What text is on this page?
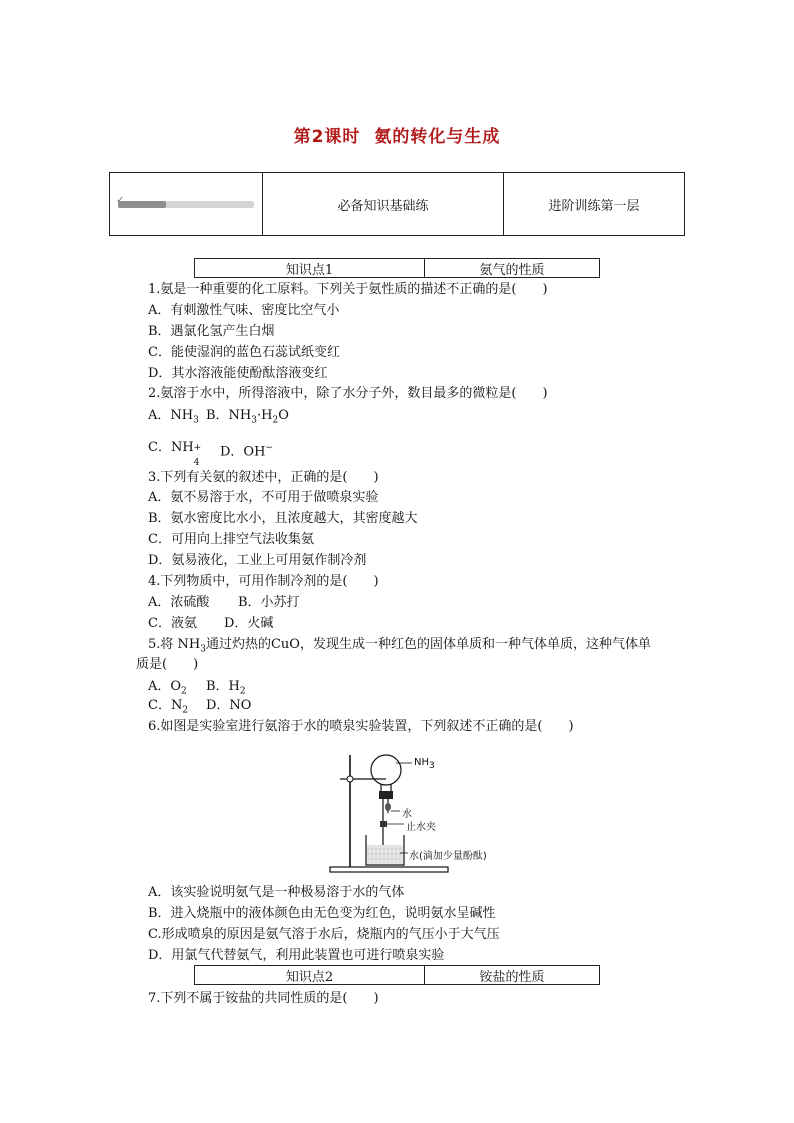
第2课时 氨的转化与生成
✓	必备知识基础练	进阶训练第一层
知识点1	氨气的性质
1.氨是一种重要的化工原料。下列关于氨性质的描述不正确的是(　　)
A．有刺激性气味、密度比空气小
B．遇氯化氢产生白烟
C．能使湿润的蓝色石蕊试纸变红
D．其水溶液能使酚酞溶液变红
2.氨溶于水中，所得溶液中，除了水分子外，数目最多的微粒是(　　)
A．$NH_3$ B．$NH_3\cdot H_2O$
C．NH +
4
D．OH−
3.下列有关氨的叙述中，正确的是(　　)
A．氨不易溶于水，不可用于做喷泉实验
B．氨水密度比水小，且浓度越大，其密度越大
C．可用向上排空气法收集氨
D．氨易液化，工业上可用氨作制冷剂
4.下列物质中，可用作制冷剂的是(　　)
A．浓硫酸 B．小苏打
C．液氨 D．火碱
5.将 $NH_3$通过灼热的CuO，发现生成一种红色的固体单质和一种气体单质，这种气体单
质是(　　)
A．$O_2$ B．$H_2$
C．$N_2$ D．NO
6.如图是实验室进行氨溶于水的喷泉实验装置，下列叙述不正确的是(　　)
$NH_3$
水
止水夹
水(滴加少量酚酞)
A．该实验说明氨气是一种极易溶于水的气体
B．进入烧瓶中的液体颜色由无色变为红色，说明氨水呈碱性
C.形成喷泉的原因是氨气溶于水后，烧瓶内的气压小于大气压
D．用氯气代替氨气，利用此装置也可进行喷泉实验
知识点2	铵盐的性质
7.下列不属于铵盐的共同性质的是(　　)
